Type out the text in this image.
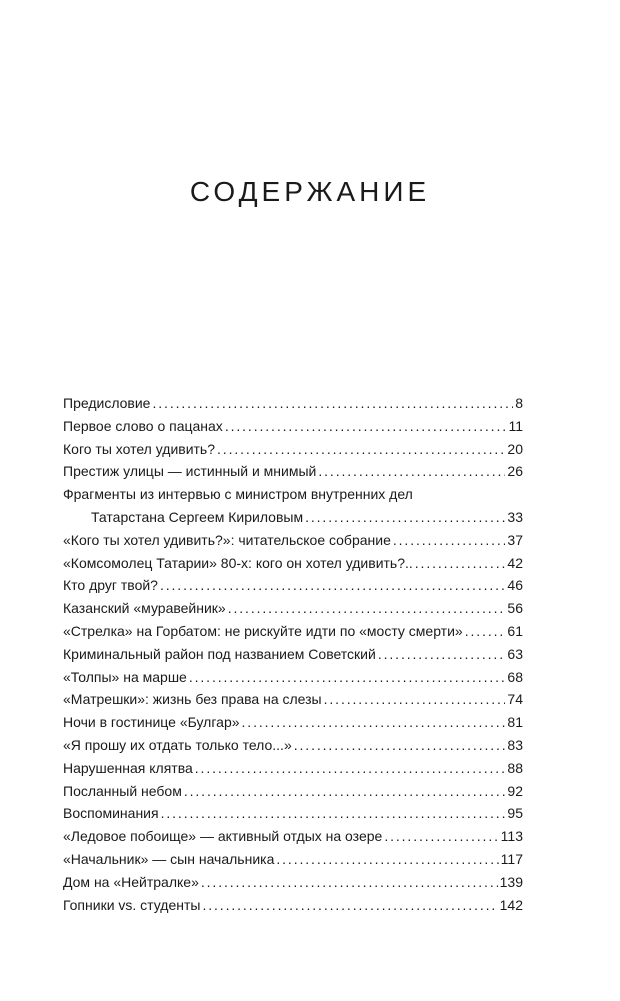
СОДЕРЖАНИЕ
Предисловие . . .	8
Первое слово о пацанах . . .	11
Кого ты хотел удивить? . . .	20
Престиж улицы — истинный и мнимый . . .	26
Фрагменты из интервью с министром внутренних дел
Татарстана Сергеем Кириловым . . .	33
«Кого ты хотел удивить?»: читательское собрание . . .	37
«Комсомолец Татарии» 80-х: кого он хотел удивить?.. . . .	42
Кто друг твой? . . .	46
Казанский «муравейник» . . .	56
«Стрелка» на Горбатом: не рискуйте идти по «мосту смерти» . . .	61
Криминальный район под названием Советский . . .	63
«Толпы» на марше . . .	68
«Матрешки»: жизнь без права на слезы . . .	74
Ночи в гостинице «Булгар» . . .	81
«Я прошу их отдать только тело...» . . .	83
Нарушенная клятва . . .	88
Посланный небом . . .	92
Воспоминания . . .	95
«Ледовое побоище» — активный отдых на озере . . .	113
«Начальник» — сын начальника . . .	117
Дом на «Нейтралке» . . .	139
Гопники vs. студенты . . .	142
